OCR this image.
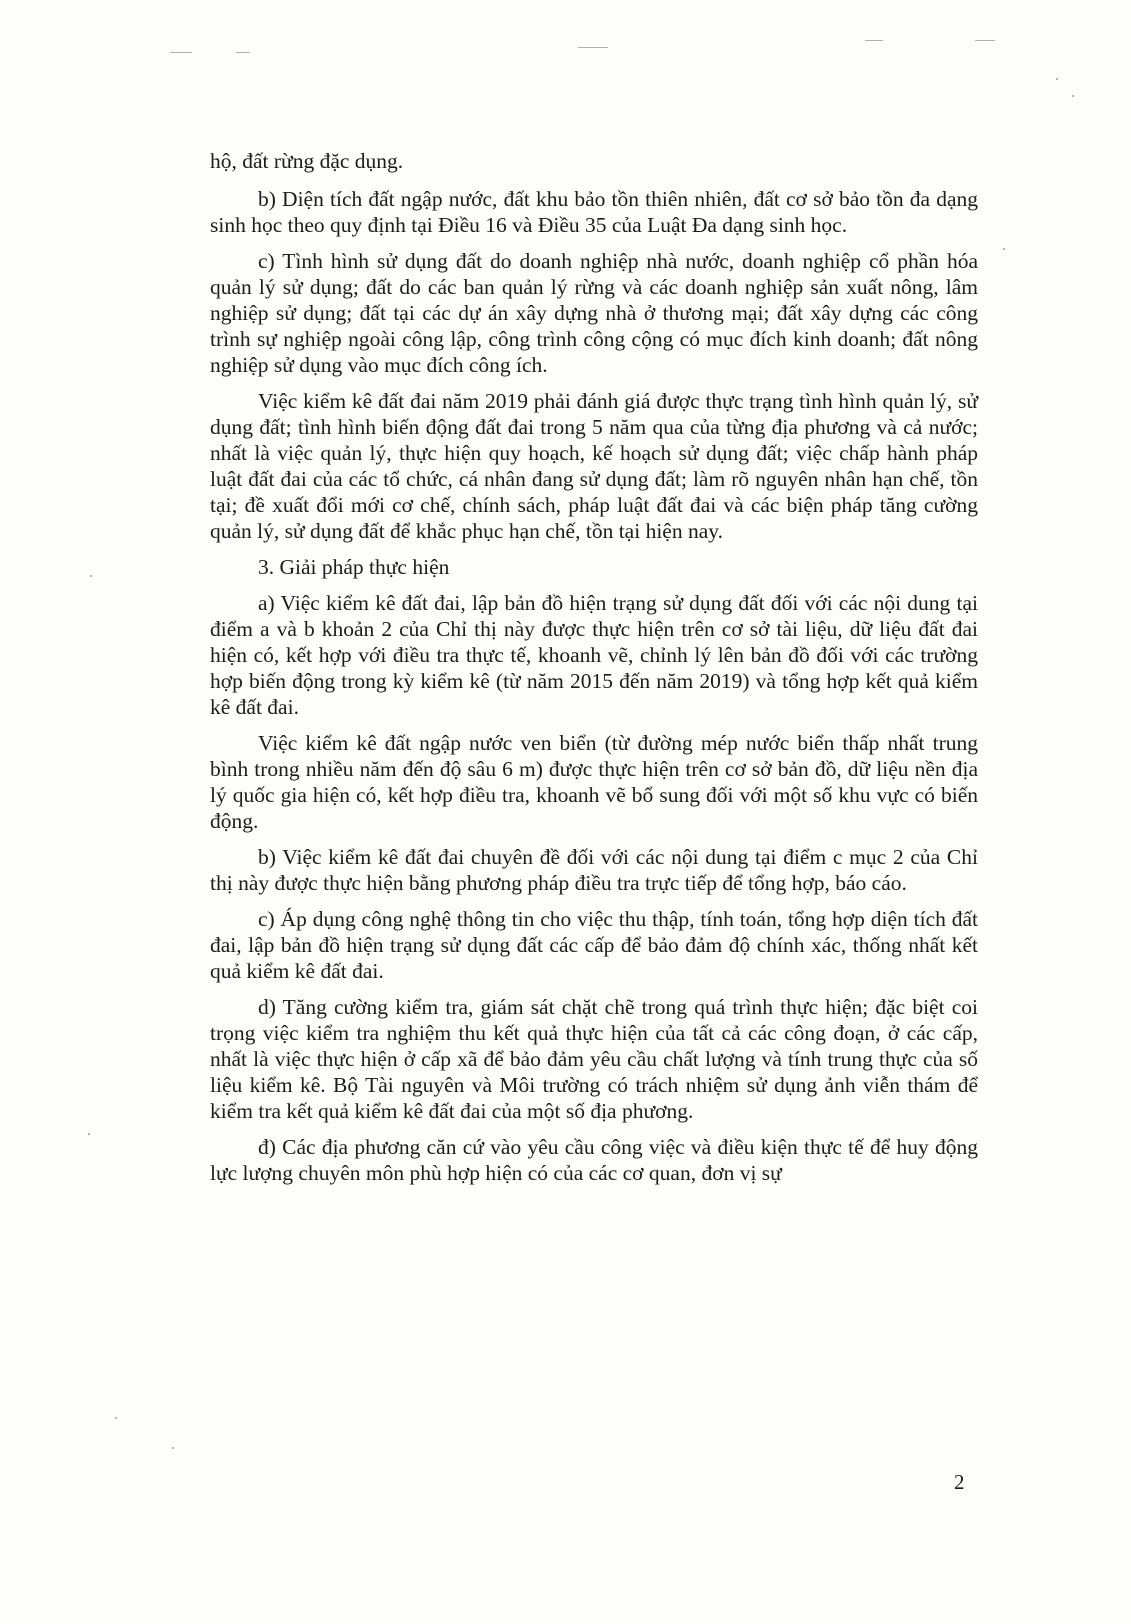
hộ, đất rừng đặc dụng.

b) Diện tích đất ngập nước, đất khu bảo tồn thiên nhiên, đất cơ sở bảo tồn đa dạng sinh học theo quy định tại Điều 16 và Điều 35 của Luật Đa dạng sinh học.

c) Tình hình sử dụng đất do doanh nghiệp nhà nước, doanh nghiệp cổ phần hóa quản lý sử dụng; đất do các ban quản lý rừng và các doanh nghiệp sản xuất nông, lâm nghiệp sử dụng; đất tại các dự án xây dựng nhà ở thương mại; đất xây dựng các công trình sự nghiệp ngoài công lập, công trình công cộng có mục đích kinh doanh; đất nông nghiệp sử dụng vào mục đích công ích.

Việc kiểm kê đất đai năm 2019 phải đánh giá được thực trạng tình hình quản lý, sử dụng đất; tình hình biến động đất đai trong 5 năm qua của từng địa phương và cả nước; nhất là việc quản lý, thực hiện quy hoạch, kế hoạch sử dụng đất; việc chấp hành pháp luật đất đai của các tổ chức, cá nhân đang sử dụng đất; làm rõ nguyên nhân hạn chế, tồn tại; đề xuất đổi mới cơ chế, chính sách, pháp luật đất đai và các biện pháp tăng cường quản lý, sử dụng đất để khắc phục hạn chế, tồn tại hiện nay.

3. Giải pháp thực hiện

a) Việc kiểm kê đất đai, lập bản đồ hiện trạng sử dụng đất đối với các nội dung tại điểm a và b khoản 2 của Chỉ thị này được thực hiện trên cơ sở tài liệu, dữ liệu đất đai hiện có, kết hợp với điều tra thực tế, khoanh vẽ, chỉnh lý lên bản đồ đối với các trường hợp biến động trong kỳ kiểm kê (từ năm 2015 đến năm 2019) và tổng hợp kết quả kiểm kê đất đai.

Việc kiểm kê đất ngập nước ven biển (từ đường mép nước biển thấp nhất trung bình trong nhiều năm đến độ sâu 6 m) được thực hiện trên cơ sở bản đồ, dữ liệu nền địa lý quốc gia hiện có, kết hợp điều tra, khoanh vẽ bổ sung đối với một số khu vực có biến động.

b) Việc kiểm kê đất đai chuyên đề đối với các nội dung tại điểm c mục 2 của Chỉ thị này được thực hiện bằng phương pháp điều tra trực tiếp để tổng hợp, báo cáo.

c) Áp dụng công nghệ thông tin cho việc thu thập, tính toán, tổng hợp diện tích đất đai, lập bản đồ hiện trạng sử dụng đất các cấp để bảo đảm độ chính xác, thống nhất kết quả kiểm kê đất đai.

d) Tăng cường kiểm tra, giám sát chặt chẽ trong quá trình thực hiện; đặc biệt coi trọng việc kiểm tra nghiệm thu kết quả thực hiện của tất cả các công đoạn, ở các cấp, nhất là việc thực hiện ở cấp xã để bảo đảm yêu cầu chất lượng và tính trung thực của số liệu kiểm kê. Bộ Tài nguyên và Môi trường có trách nhiệm sử dụng ảnh viễn thám để kiểm tra kết quả kiểm kê đất đai của một số địa phương.

đ) Các địa phương căn cứ vào yêu cầu công việc và điều kiện thực tế để huy động lực lượng chuyên môn phù hợp hiện có của các cơ quan, đơn vị sự

2
